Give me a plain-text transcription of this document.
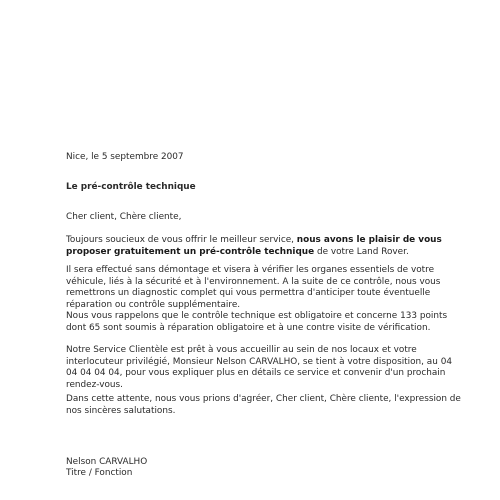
Nice, le 5 septembre 2007

Le pré-contrôle technique

Cher client, Chère cliente,

Toujours soucieux de vous offrir le meilleur service, nous avons le plaisir de vous proposer gratuitement un pré-contrôle technique de votre Land Rover.

Il sera effectué sans démontage et visera à vérifier les organes essentiels de votre véhicule, liés à la sécurité et à l'environnement. A la suite de ce contrôle, nous vous remettrons un diagnostic complet qui vous permettra d'anticiper toute éventuelle réparation ou contrôle supplémentaire.

Nous vous rappelons que le contrôle technique est obligatoire et concerne 133 points dont 65 sont soumis à réparation obligatoire et à une contre visite de vérification.

Notre Service Clientèle est prêt à vous accueillir au sein de nos locaux et votre interlocuteur privilégié, Monsieur Nelson CARVALHO, se tient à votre disposition, au 04 04 04 04 04, pour vous expliquer plus en détails ce service et convenir d'un prochain rendez-vous.

Dans cette attente, nous vous prions d'agréer, Cher client, Chère cliente, l'expression de nos sincères salutations.

Nelson CARVALHO

Titre / Fonction
